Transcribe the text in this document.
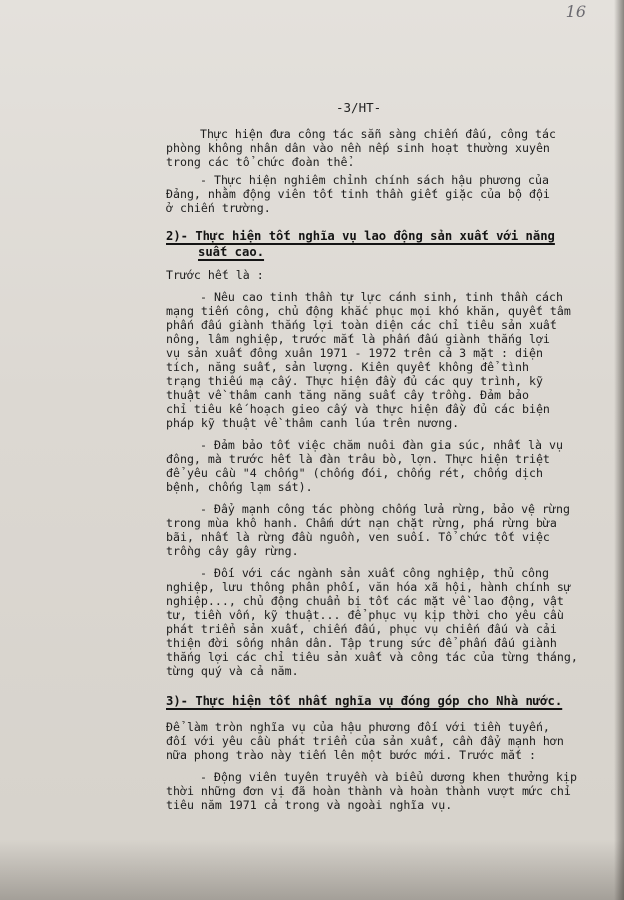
16
-3/HT-
Thực hiện đưa công tác sẵn sàng chiến đấu, công tác
phòng không nhân dân vào nền nếp sinh hoạt thường xuyên
trong các tổ chức đoàn thể.
- Thực hiện nghiêm chỉnh chính sách hậu phương của
Đảng, nhằm động viên tốt tinh thần giết giặc của bộ đội
ở chiến trường.
2)- Thực hiện tốt nghĩa vụ lao động sản xuất với năng
suất cao.
Trước hết là :
- Nêu cao tinh thần tự lực cánh sinh, tinh thần cách
mạng tiến công, chủ động khắc phục mọi khó khăn, quyết tâm
phấn đấu giành thắng lợi toàn diện các chỉ tiêu sản xuất
nông, lâm nghiệp, trước mắt là phấn đấu giành thắng lợi
vụ sản xuất đông xuân 1971 - 1972 trên cả 3 mặt : diện
tích, năng suất, sản lượng. Kiên quyết không để tình
trạng thiếu mạ cấy. Thực hiện đầy đủ các quy trình, kỹ
thuật về thâm canh tăng năng suất cây trồng. Đảm bảo
chỉ tiêu kế hoạch gieo cấy và thực hiện đầy đủ các biện
pháp kỹ thuật về thâm canh lúa trên nương.
- Đảm bảo tốt việc chăm nuôi đàn gia súc, nhất là vụ
đông, mà trước hết là đàn trâu bò, lợn. Thực hiện triệt
để yêu cầu "4 chống" (chống đói, chống rét, chống dịch
bệnh, chống lạm sát).
- Đẩy mạnh công tác phòng chống lửa rừng, bảo vệ rừng
trong mùa khô hanh. Chấm dứt nạn chặt rừng, phá rừng bừa
bãi, nhất là rừng đầu nguồn, ven suối. Tổ chức tốt việc
trồng cây gây rừng.
- Đối với các ngành sản xuất công nghiệp, thủ công
nghiệp, lưu thông phân phối, văn hóa xã hội, hành chính sự
nghiệp..., chủ động chuẩn bị tốt các mặt về lao động, vật
tư, tiền vốn, kỹ thuật... để phục vụ kịp thời cho yêu cầu
phát triển sản xuất, chiến đấu, phục vụ chiến đấu và cải
thiện đời sống nhân dân. Tập trung sức để phấn đấu giành
thắng lợi các chỉ tiêu sản xuất và công tác của từng tháng,
từng quý và cả năm.
3)- Thực hiện tốt nhất nghĩa vụ đóng góp cho Nhà nước.
Để làm tròn nghĩa vụ của hậu phương đối với tiền tuyến,
đối với yêu cầu phát triển của sản xuất, cần đẩy mạnh hơn
nữa phong trào này tiến lên một bước mới. Trước mắt :
- Động viên tuyên truyền và biểu dương khen thưởng kịp
thời những đơn vị đã hoàn thành và hoàn thành vượt mức chỉ
tiêu năm 1971 cả trong và ngoài nghĩa vụ.
